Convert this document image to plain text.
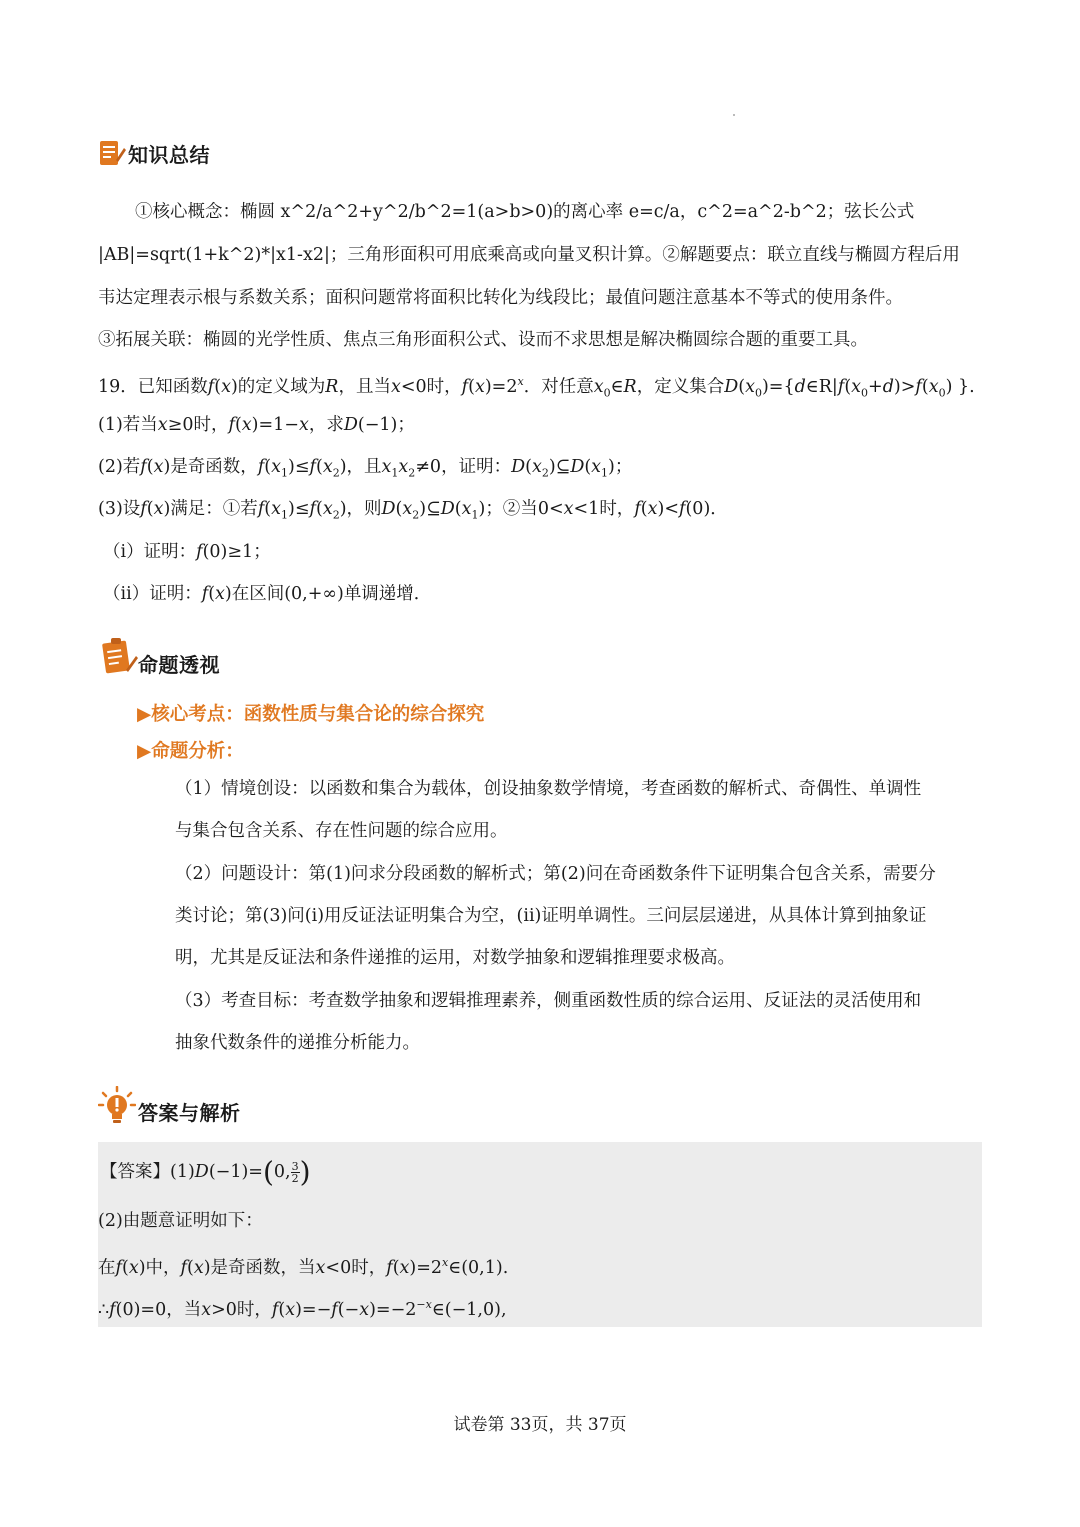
知识总结
①核心概念：椭圆 x^2/a^2+y^2/b^2=1(a>b>0)的离心率 e=c/a，c^2=a^2-b^2；弦长公式
|AB|=sqrt(1+k^2)*|x1-x2|；三角形面积可用底乘高或向量叉积计算。②解题要点：联立直线与椭圆方程后用
韦达定理表示根与系数关系；面积问题常将面积比转化为线段比；最值问题注意基本不等式的使用条件。
③拓展关联：椭圆的光学性质、焦点三角形面积公式、设而不求思想是解决椭圆综合题的重要工具。
19．已知函数f(x)的定义域为R，且当x<0时，$f(x)=2^x$．对任意$x_0\in R$，定义集合$D(x_0)=\{d\in R|f(x_0+d)>f(x_0)$ }.
(1)若当x≥0时，f(x)=1−x，求D(−1)；
(2)若f(x)是奇函数，$f(x_1)\le f(x_2)$，且$x_1x_2\ne 0$，证明：$D(x_2)⊆D(x_1)$；
(3)设f(x)满足：①若$f(x_1)\le f(x_2)$，则$D(x_2)⊆D(x_1)$；②当0<x<1时，f(x)<f(0)．
（i）证明：f(0)≥1；
（ii）证明：f(x)在区间(0,+∞)单调递增．
命题透视
▶核心考点：函数性质与集合论的综合探究
▶命题分析：
（1）情境创设：以函数和集合为载体，创设抽象数学情境，考查函数的解析式、奇偶性、单调性
与集合包含关系、存在性问题的综合应用。
（2）问题设计：第(1)问求分段函数的解析式；第(2)问在奇函数条件下证明集合包含关系，需要分
类讨论；第(3)问(i)用反证法证明集合为空，(ii)证明单调性。三问层层递进，从具体计算到抽象证
明，尤其是反证法和条件递推的运用，对数学抽象和逻辑推理要求极高。
（3）考查目标：考查数学抽象和逻辑推理素养，侧重函数性质的综合运用、反证法的灵活使用和
抽象代数条件的递推分析能力。
答案与解析
【答案】(1)D(−1)=(0, $\frac{3}{2}$ )
(2)由题意证明如下：
在f(x)中，f(x)是奇函数，当x<0时，$f(x)=2^x\in(0,1)$.
∴f(0)=0，当x>0时，$f(x)=-f(-x)=-2^{-x}\in(-1,0)$,
试卷第 33页，共 37页
